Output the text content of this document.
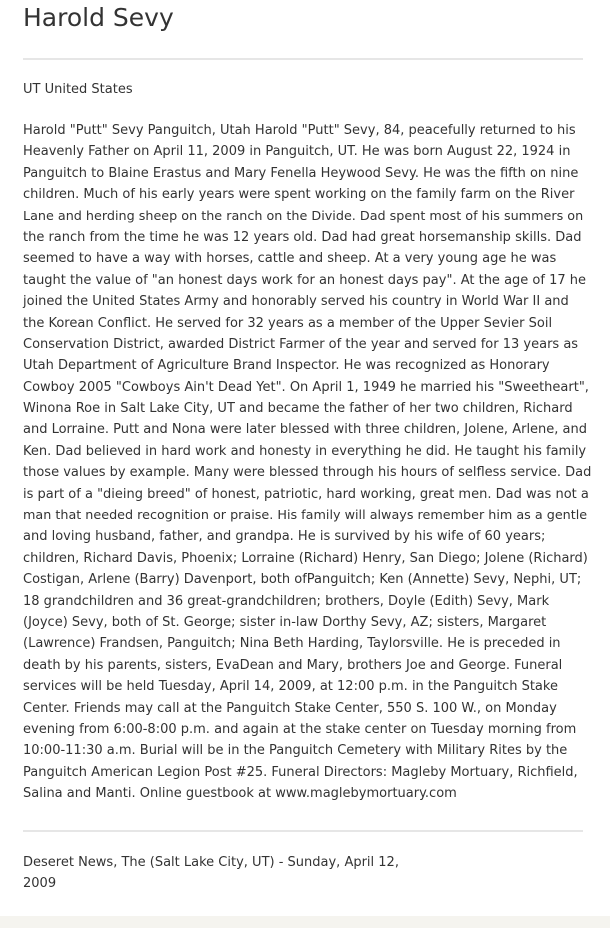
Harold Sevy
UT United States
Harold "Putt" Sevy Panguitch, Utah Harold "Putt" Sevy, 84, peacefully returned to his
Heavenly Father on April 11, 2009 in Panguitch, UT. He was born August 22, 1924 in
Panguitch to Blaine Erastus and Mary Fenella Heywood Sevy. He was the fifth on nine
children. Much of his early years were spent working on the family farm on the River
Lane and herding sheep on the ranch on the Divide. Dad spent most of his summers on
the ranch from the time he was 12 years old. Dad had great horsemanship skills. Dad
seemed to have a way with horses, cattle and sheep. At a very young age he was
taught the value of "an honest days work for an honest days pay". At the age of 17 he
joined the United States Army and honorably served his country in World War II and
the Korean Conflict. He served for 32 years as a member of the Upper Sevier Soil
Conservation District, awarded District Farmer of the year and served for 13 years as
Utah Department of Agriculture Brand Inspector. He was recognized as Honorary
Cowboy 2005 "Cowboys Ain't Dead Yet". On April 1, 1949 he married his "Sweetheart",
Winona Roe in Salt Lake City, UT and became the father of her two children, Richard
and Lorraine. Putt and Nona were later blessed with three children, Jolene, Arlene, and
Ken. Dad believed in hard work and honesty in everything he did. He taught his family
those values by example. Many were blessed through his hours of selfless service. Dad
is part of a "dieing breed" of honest, patriotic, hard working, great men. Dad was not a
man that needed recognition or praise. His family will always remember him as a gentle
and loving husband, father, and grandpa. He is survived by his wife of 60 years;
children, Richard Davis, Phoenix; Lorraine (Richard) Henry, San Diego; Jolene (Richard)
Costigan, Arlene (Barry) Davenport, both ofPanguitch; Ken (Annette) Sevy, Nephi, UT;
18 grandchildren and 36 great-grandchildren; brothers, Doyle (Edith) Sevy, Mark
(Joyce) Sevy, both of St. George; sister in-law Dorthy Sevy, AZ; sisters, Margaret
(Lawrence) Frandsen, Panguitch; Nina Beth Harding, Taylorsville. He is preceded in
death by his parents, sisters, EvaDean and Mary, brothers Joe and George. Funeral
services will be held Tuesday, April 14, 2009, at 12:00 p.m. in the Panguitch Stake
Center. Friends may call at the Panguitch Stake Center, 550 S. 100 W., on Monday
evening from 6:00-8:00 p.m. and again at the stake center on Tuesday morning from
10:00-11:30 a.m. Burial will be in the Panguitch Cemetery with Military Rites by the
Panguitch American Legion Post #25. Funeral Directors: Magleby Mortuary, Richfield,
Salina and Manti. Online guestbook at www.maglebymortuary.com
Deseret News, The (Salt Lake City, UT) - Sunday, April 12,
2009
